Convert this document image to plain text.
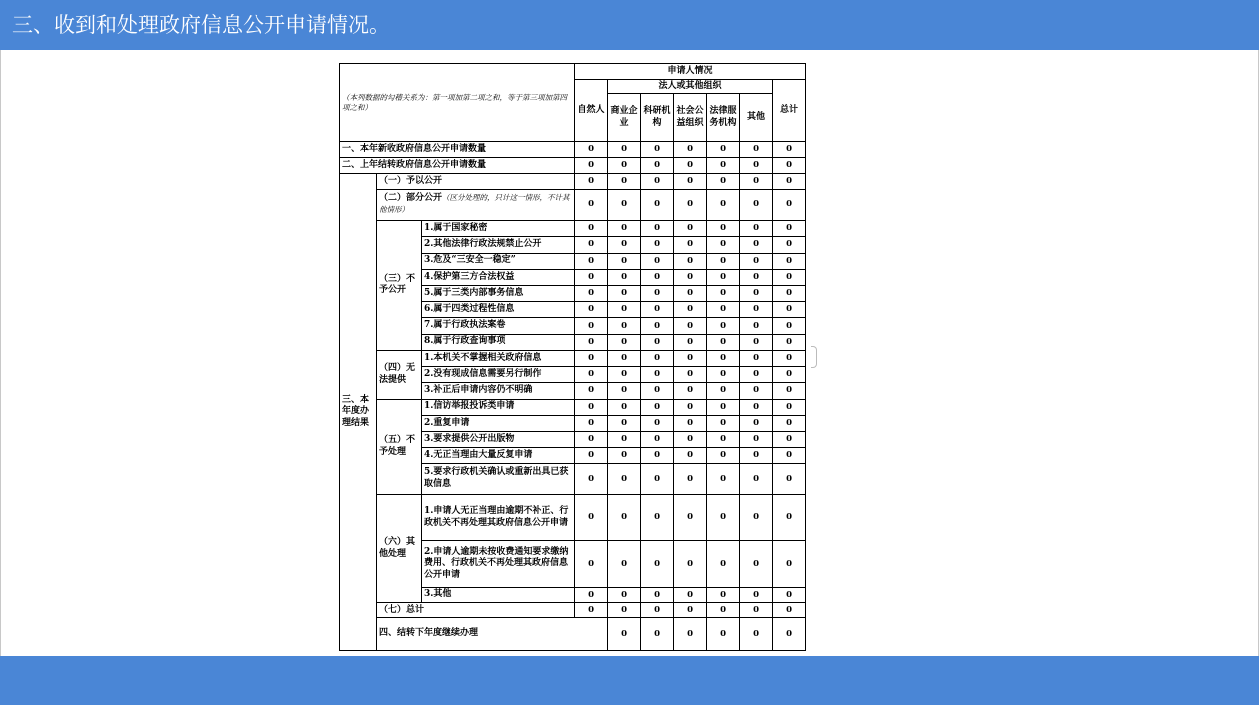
三、收到和处理政府信息公开申请情况。
（本列数据的勾稽关系为：第一项加第二项之和，等于第三项加第四项之和）			申请人情况							
			自然人	法人或其他组织					总计	
				商业企业	科研机构	社会公益组织	法律服务机构	其他		
一、本年新收政府信息公开申请数量			0	0	0	0	0	0	0	
二、上年结转政府信息公开申请数量			0	0	0	0	0	0	0	
三、本年度办理结果	（一）予以公开		0	0	0	0	0	0	0	
	（二）部分公开（区分处理的，只计这一情形，不计其他情形）		0	0	0	0	0	0	0	
	（三）不予公开	1.属于国家秘密	0	0	0	0	0	0	0	
		2.其他法律行政法规禁止公开	0	0	0	0	0	0	0	
		3.危及“三安全一稳定”	0	0	0	0	0	0	0	
		4.保护第三方合法权益	0	0	0	0	0	0	0	
		5.属于三类内部事务信息	0	0	0	0	0	0	0	
		6.属于四类过程性信息	0	0	0	0	0	0	0	
		7.属于行政执法案卷	0	0	0	0	0	0	0	
		8.属于行政查询事项	0	0	0	0	0	0	0	
	（四）无法提供	1.本机关不掌握相关政府信息	0	0	0	0	0	0	0	
		2.没有现成信息需要另行制作	0	0	0	0	0	0	0	
		3.补正后申请内容仍不明确	0	0	0	0	0	0	0	
	（五）不予处理	1.信访举报投诉类申请	0	0	0	0	0	0	0	
		2.重复申请	0	0	0	0	0	0	0	
		3.要求提供公开出版物	0	0	0	0	0	0	0	
		4.无正当理由大量反复申请	0	0	0	0	0	0	0	
		5.要求行政机关确认或重新出具已获取信息	0	0	0	0	0	0	0	
	（六）其他处理	1.申请人无正当理由逾期不补正、行政机关不再处理其政府信息公开申请	0	0	0	0	0	0	0	
		2.申请人逾期未按收费通知要求缴纳费用、行政机关不再处理其政府信息公开申请	0	0	0	0	0	0	0	
		3.其他	0	0	0	0	0	0	0	
	（七）总计		0	0	0	0	0	0	0	
	四、结转下年度继续办理			0	0	0	0	0	0	
